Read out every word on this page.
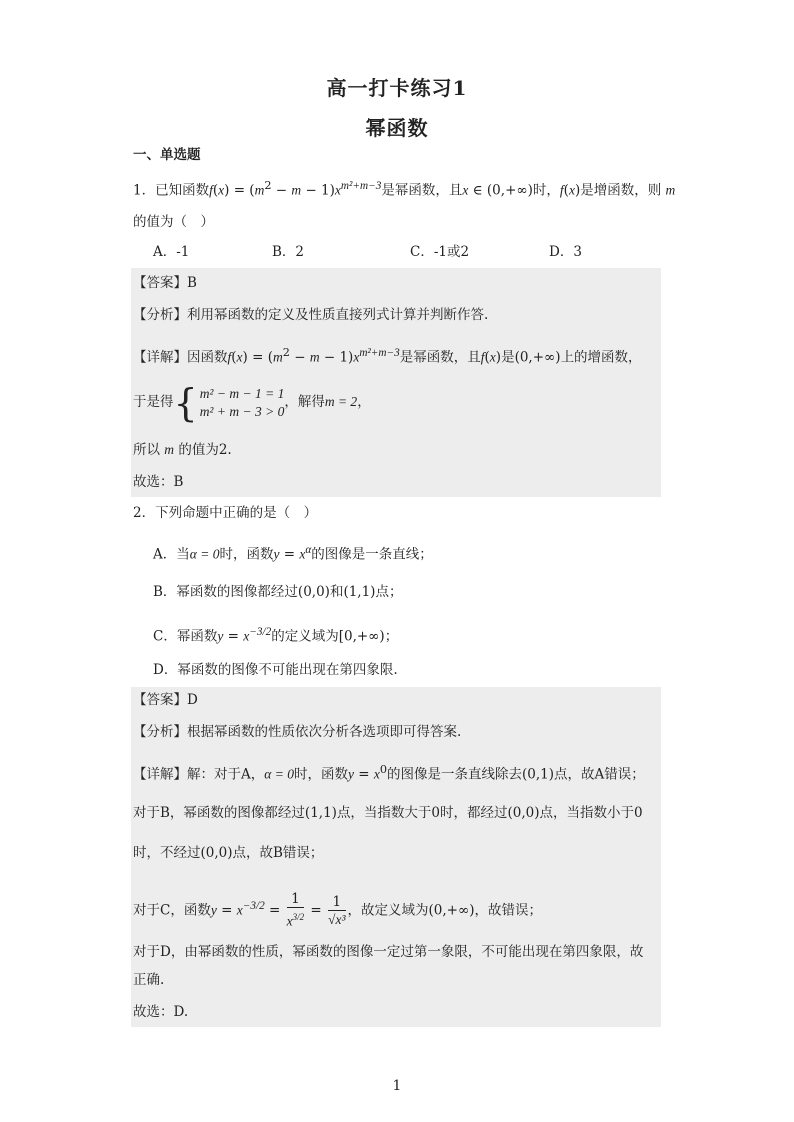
高一打卡练习1
幂函数
一、单选题
1．已知函数$f(x) = (m^2 - m - 1)x^{m^2+m-3}$是幂函数，且x ∈ (0,+∞)时，f(x)是增函数，则 m
的值为（　）
A．-1	B．2	C．-1或2	D．3
【答案】B
【分析】利用幂函数的定义及性质直接列式计算并判断作答.
【详解】因函数$f(x) = (m^2 - m - 1)x^{m^2+m-3}$是幂函数，且f(x)是(0,+∞)上的增函数，
于是得{ m² − m − 1 = 1
m² + m − 3 > 0
，解得m = 2，
所以 m 的值为2.
故选：B
2．下列命题中正确的是（　）
A．当α = 0时，函数$y = x^\alpha$的图像是一条直线；
B．幂函数的图像都经过(0,0)和(1,1)点；
C．幂函数$y = x^{-3/2}$的定义域为[0,+∞)；
D．幂函数的图像不可能出现在第四象限.
【答案】D
【分析】根据幂函数的性质依次分析各选项即可得答案.
【详解】解：对于A，α = 0时，函数$y = x^0$的图像是一条直线除去(0,1)点，故A错误；
对于B，幂函数的图像都经过(1,1)点，当指数大于0时，都经过(0,0)点，当指数小于0
时，不经过(0,0)点，故B错误；
对于C，函数$y = x^{-3/2} = \frac{1}{x^{3/2}} = \frac{1}{\text{√x³}}$ ，故定义域为(0,+∞)，故错误；
对于D，由幂函数的性质，幂函数的图像一定过第一象限，不可能出现在第四象限，故
正确.
故选：D.
1
